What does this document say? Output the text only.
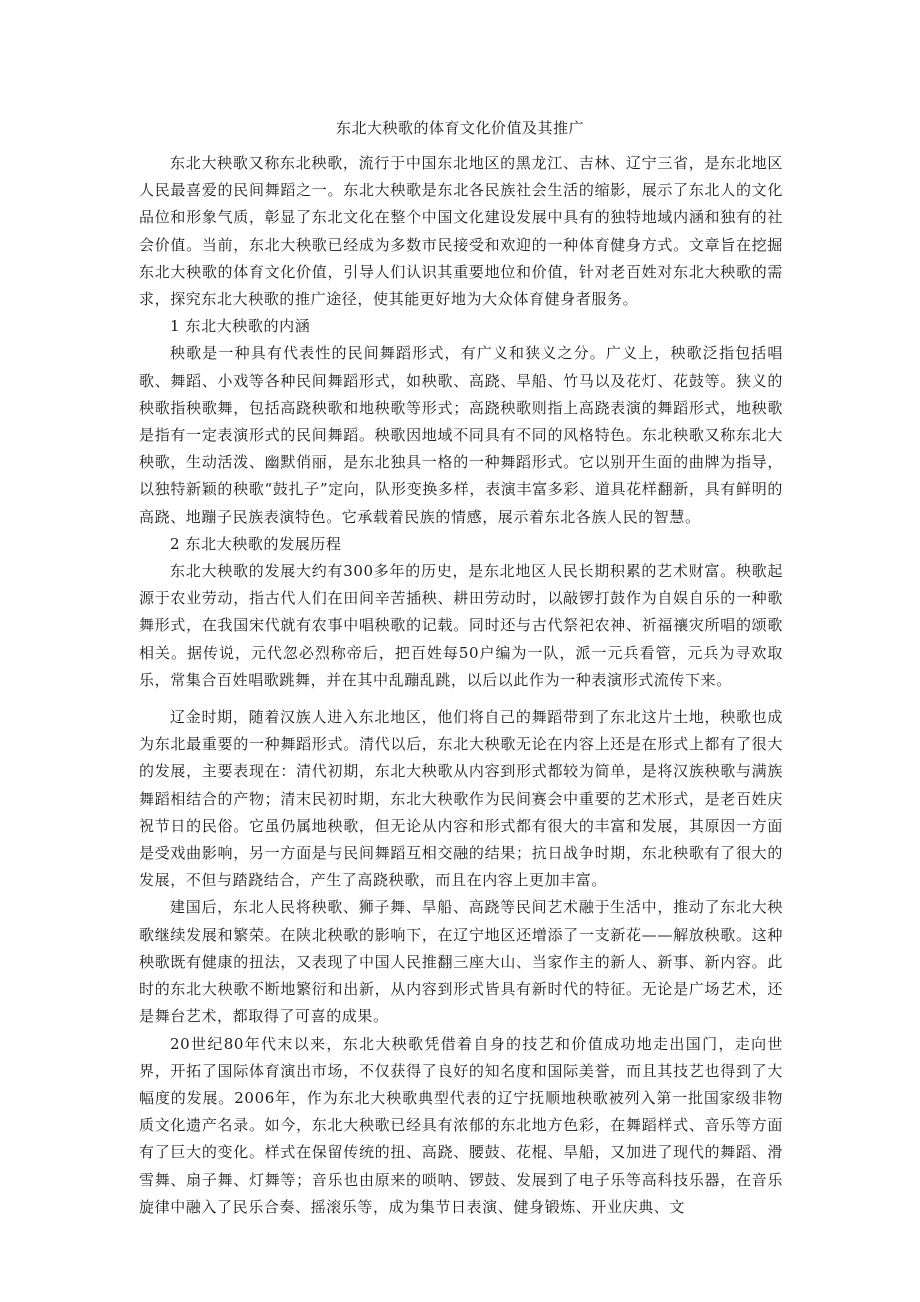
东北大秧歌的体育文化价值及其推广

东北大秧歌又称东北秧歌，流行于中国东北地区的黑龙江、吉林、辽宁三省，是东北地区人民最喜爱的民间舞蹈之一。东北大秧歌是东北各民族社会生活的缩影，展示了东北人的文化品位和形象气质，彰显了东北文化在整个中国文化建设发展中具有的独特地域内涵和独有的社会价值。当前，东北大秧歌已经成为多数市民接受和欢迎的一种体育健身方式。文章旨在挖掘东北大秧歌的体育文化价值，引导人们认识其重要地位和价值，针对老百姓对东北大秧歌的需求，探究东北大秧歌的推广途径，使其能更好地为大众体育健身者服务。

1 东北大秧歌的内涵

秧歌是一种具有代表性的民间舞蹈形式，有广义和狭义之分。广义上，秧歌泛指包括唱歌、舞蹈、小戏等各种民间舞蹈形式，如秧歌、高跷、旱船、竹马以及花灯、花鼓等。狭义的秧歌指秧歌舞，包括高跷秧歌和地秧歌等形式；高跷秧歌则指上高跷表演的舞蹈形式，地秧歌是指有一定表演形式的民间舞蹈。秧歌因地域不同具有不同的风格特色。东北秧歌又称东北大秧歌，生动活泼、幽默俏丽，是东北独具一格的一种舞蹈形式。它以别开生面的曲牌为指导，以独特新颖的秧歌“鼓扎子”定向，队形变换多样，表演丰富多彩、道具花样翻新，具有鲜明的高跷、地蹦子民族表演特色。它承载着民族的情感，展示着东北各族人民的智慧。

2 东北大秧歌的发展历程

东北大秧歌的发展大约有300多年的历史，是东北地区人民长期积累的艺术财富。秧歌起源于农业劳动，指古代人们在田间辛苦插秧、耕田劳动时，以敲锣打鼓作为自娱自乐的一种歌舞形式，在我国宋代就有农事中唱秧歌的记载。同时还与古代祭祀农神、祈福禳灾所唱的颂歌相关。据传说，元代忽必烈称帝后，把百姓每50户编为一队，派一元兵看管，元兵为寻欢取乐，常集合百姓唱歌跳舞，并在其中乱蹦乱跳，以后以此作为一种表演形式流传下来。

辽金时期，随着汉族人进入东北地区，他们将自己的舞蹈带到了东北这片土地，秧歌也成为东北最重要的一种舞蹈形式。清代以后，东北大秧歌无论在内容上还是在形式上都有了很大的发展，主要表现在：清代初期，东北大秧歌从内容到形式都较为简单，是将汉族秧歌与满族舞蹈相结合的产物；清末民初时期，东北大秧歌作为民间赛会中重要的艺术形式，是老百姓庆祝节日的民俗。它虽仍属地秧歌，但无论从内容和形式都有很大的丰富和发展，其原因一方面是受戏曲影响，另一方面是与民间舞蹈互相交融的结果；抗日战争时期，东北秧歌有了很大的发展，不但与踏跷结合，产生了高跷秧歌，而且在内容上更加丰富。

建国后，东北人民将秧歌、狮子舞、旱船、高跷等民间艺术融于生活中，推动了东北大秧歌继续发展和繁荣。在陕北秧歌的影响下，在辽宁地区还增添了一支新花——解放秧歌。这种秧歌既有健康的扭法，又表现了中国人民推翻三座大山、当家作主的新人、新事、新内容。此时的东北大秧歌不断地繁衍和出新，从内容到形式皆具有新时代的特征。无论是广场艺术，还是舞台艺术，都取得了可喜的成果。

20世纪80年代末以来，东北大秧歌凭借着自身的技艺和价值成功地走出国门，走向世界，开拓了国际体育演出市场，不仅获得了良好的知名度和国际美誉，而且其技艺也得到了大幅度的发展。2006年，作为东北大秧歌典型代表的辽宁抚顺地秧歌被列入第一批国家级非物质文化遗产名录。如今，东北大秧歌已经具有浓郁的东北地方色彩，在舞蹈样式、音乐等方面有了巨大的变化。样式在保留传统的扭、高跷、腰鼓、花棍、旱船，又加进了现代的舞蹈、滑雪舞、扇子舞、灯舞等；音乐也由原来的唢呐、锣鼓、发展到了电子乐等高科技乐器，在音乐旋律中融入了民乐合奏、摇滚乐等，成为集节日表演、健身锻炼、开业庆典、文
